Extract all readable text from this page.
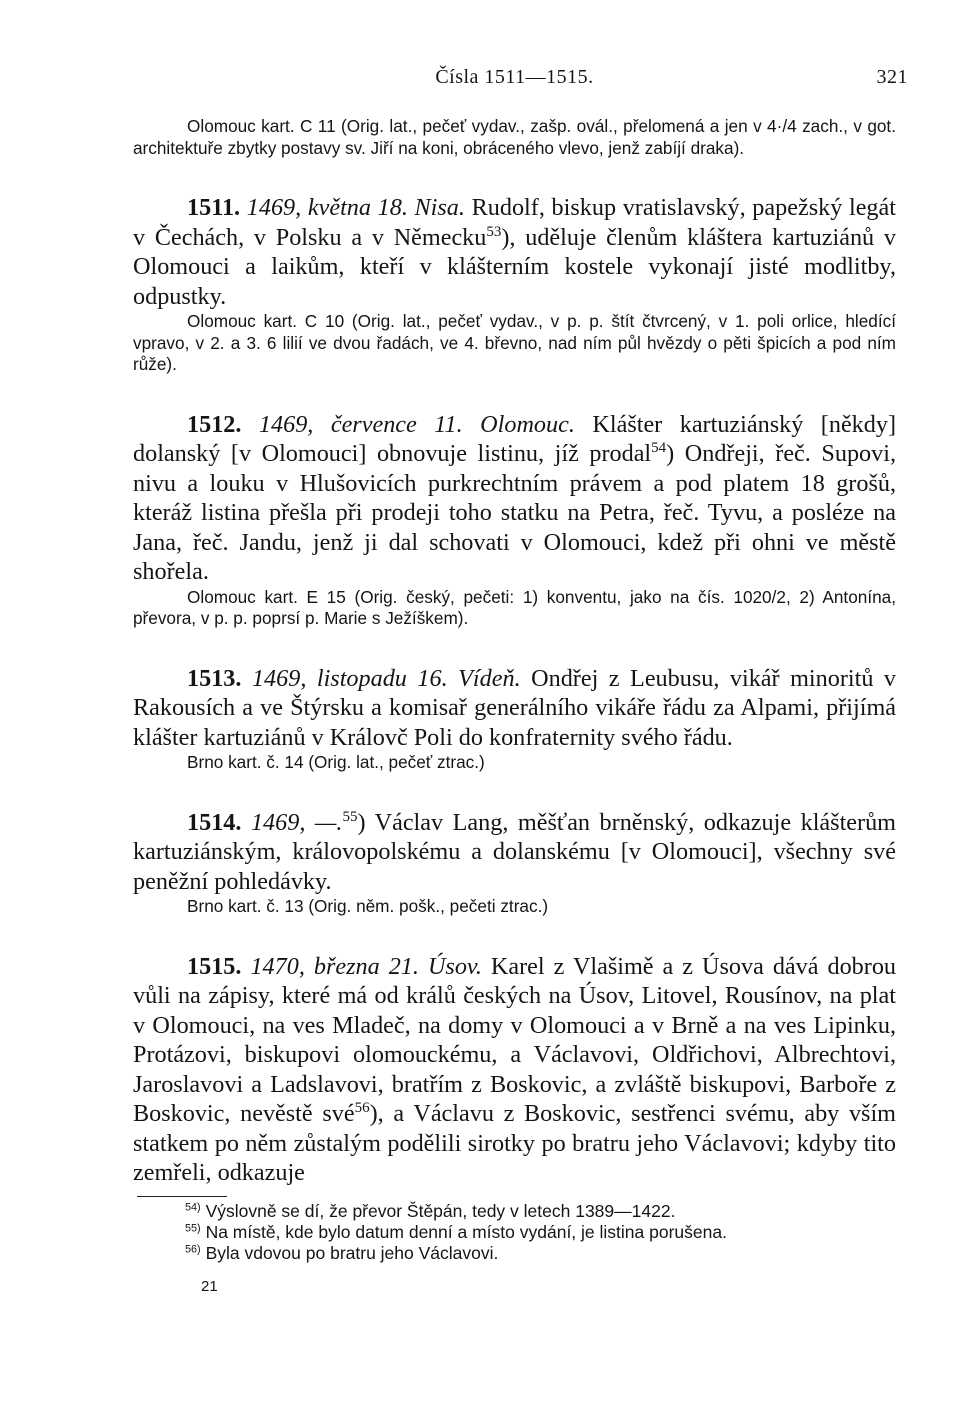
Čísla 1511—1515.	321

Olomouc kart. C 11 (Orig. lat., pečeť vydav., zašp. ovál., přelomená a jen v 4·/4 zach., v got. architektuře zbytky postavy sv. Jiří na koni, obráceného vlevo, jenž zabíjí draka).

1511. 1469, května 18. Nisa. Rudolf, biskup vratislavský, papežský legát v Čechách, v Polsku a v Německu$^{53}$), uděluje členům kláštera kartuziánů v Olomouci a laikům, kteří v klášterním kostele vykonají jisté modlitby, odpustky.

Olomouc kart. C 10 (Orig. lat., pečeť vydav., v p. p. štít čtvrcený, v 1. poli orlice, hledící vpravo, v 2. a 3. 6 lilií ve dvou řadách, ve 4. břevno, nad ním půl hvězdy o pěti špicích a pod ním růže).

1512. 1469, července 11. Olomouc. Klášter kartuziánský [někdy] dolanský [v Olomouci] obnovuje listinu, jíž prodal$^{54}$) Ondřeji, řeč. Supovi, nivu a louku v Hlušovicích purkrechtním právem a pod platem 18 grošů, kteráž listina přešla při prodeji toho statku na Petra, řeč. Tyvu, a posléze na Jana, řeč. Jandu, jenž ji dal schovati v Olomouci, kdež při ohni ve městě shořela.

Olomouc kart. E 15 (Orig. český, pečeti: 1) konventu, jako na čís. 1020/2, 2) Antonína, převora, v p. p. poprsí p. Marie s Ježíškem).

1513. 1469, listopadu 16. Vídeň. Ondřej z Leubusu, vikář minoritů v Rakousích a ve Štýrsku a komisař generálního vikáře řádu za Alpami, přijímá klášter kartuziánů v Královč Poli do konfraternity svého řádu.

Brno kart. č. 14 (Orig. lat., pečeť ztrac.)

1514. 1469, —.$^{55}$) Václav Lang, měšťan brněnský, odkazuje klášterům kartuziánským, královopolskému a dolanskému [v Olomouci], všechny své peněžní pohledávky.

Brno kart. č. 13 (Orig. něm. pošk., pečeti ztrac.)

1515. 1470, března 21. Úsov. Karel z Vlašimě a z Úsova dává dobrou vůli na zápisy, které má od králů českých na Úsov, Litovel, Rousínov, na plat v Olomouci, na ves Mladeč, na domy v Olomouci a v Brně a na ves Lipinku, Protázovi, biskupovi olomouckému, a Václavovi, Oldřichovi, Albrechtovi, Jaroslavovi a Ladslavovi, bratřím z Boskovic, a zvláště biskupovi, Barboře z Boskovic, nevěstě své$^{56}$), a Václavu z Boskovic, sestřenci svému, aby vším statkem po něm zůstalým podělili sirotky po bratru jeho Václavovi; kdyby tito zemřeli, odkazuje

$^{54)}$ Výslovně se dí, že převor Štěpán, tedy v letech 1389—1422.

$^{55)}$ Na místě, kde bylo datum denní a místo vydání, je listina porušena.

$^{56)}$ Byla vdovou po bratru jeho Václavovi.

21
